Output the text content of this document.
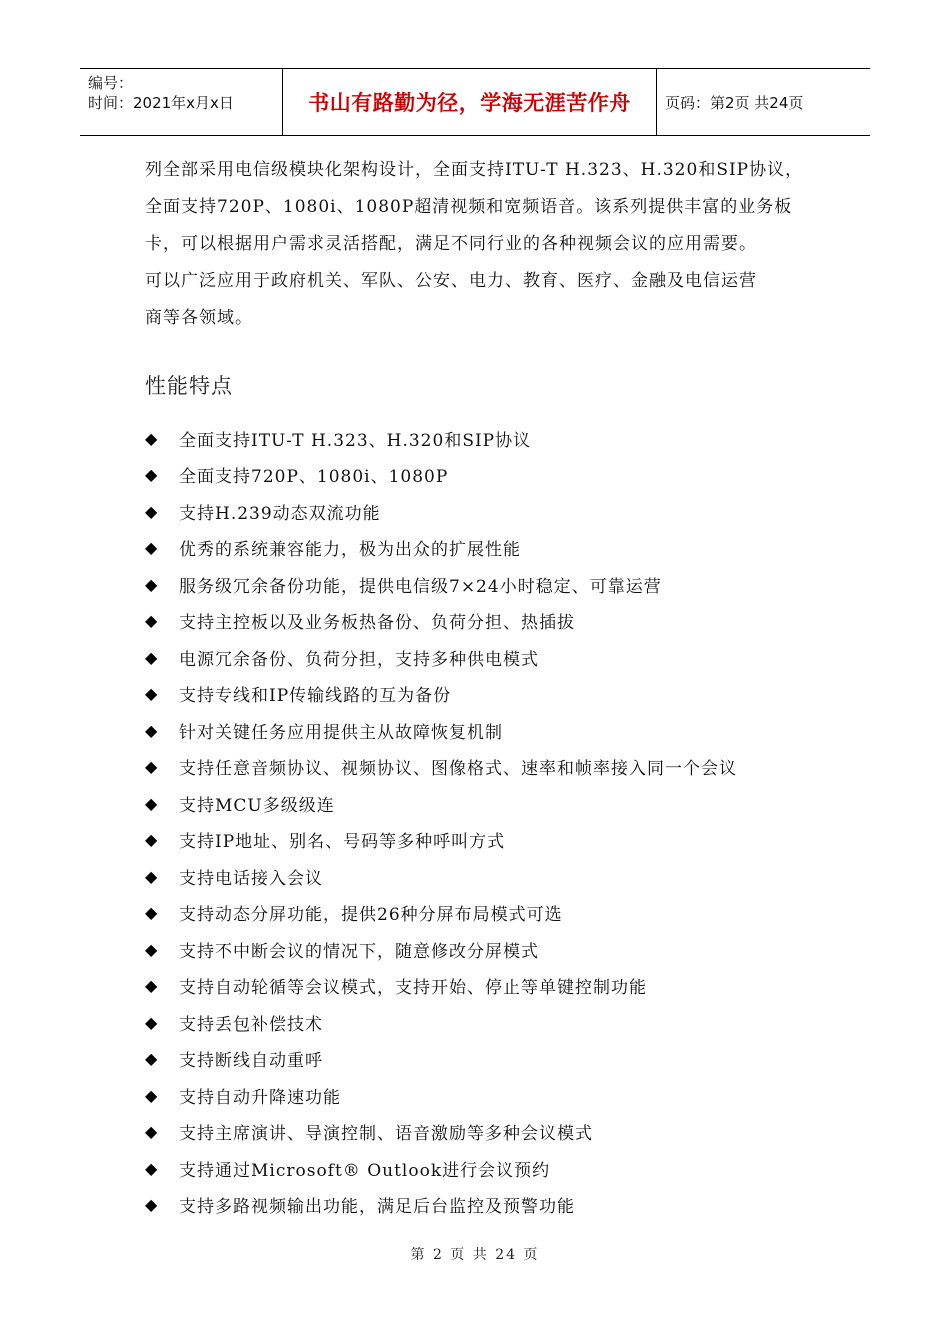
编号：
时间：2021年x月x日	书山有路勤为径，学海无涯苦作舟	页码：第2页 共24页
列全部采用电信级模块化架构设计，全面支持ITU-T H.323、H.320和SIP协议，
全面支持720P、1080i、1080P超清视频和宽频语音。该系列提供丰富的业务板
卡，可以根据用户需求灵活搭配，满足不同行业的各种视频会议的应用需要。
可以广泛应用于政府机关、军队、公安、电力、教育、医疗、金融及电信运营
商等各领域。
性能特点
◆	全面支持ITU-T H.323、H.320和SIP协议
◆	全面支持720P、1080i、1080P
◆	支持H.239动态双流功能
◆	优秀的系统兼容能力，极为出众的扩展性能
◆	服务级冗余备份功能，提供电信级7×24小时稳定、可靠运营
◆	支持主控板以及业务板热备份、负荷分担、热插拔
◆	电源冗余备份、负荷分担，支持多种供电模式
◆	支持专线和IP传输线路的互为备份
◆	针对关键任务应用提供主从故障恢复机制
◆	支持任意音频协议、视频协议、图像格式、速率和帧率接入同一个会议
◆	支持MCU多级级连
◆	支持IP地址、别名、号码等多种呼叫方式
◆	支持电话接入会议
◆	支持动态分屏功能，提供26种分屏布局模式可选
◆	支持不中断会议的情况下，随意修改分屏模式
◆	支持自动轮循等会议模式，支持开始、停止等单键控制功能
◆	支持丢包补偿技术
◆	支持断线自动重呼
◆	支持自动升降速功能
◆	支持主席演讲、导演控制、语音激励等多种会议模式
◆	支持通过Microsoft® Outlook进行会议预约
◆	支持多路视频输出功能，满足后台监控及预警功能
第 2 页 共 24 页
